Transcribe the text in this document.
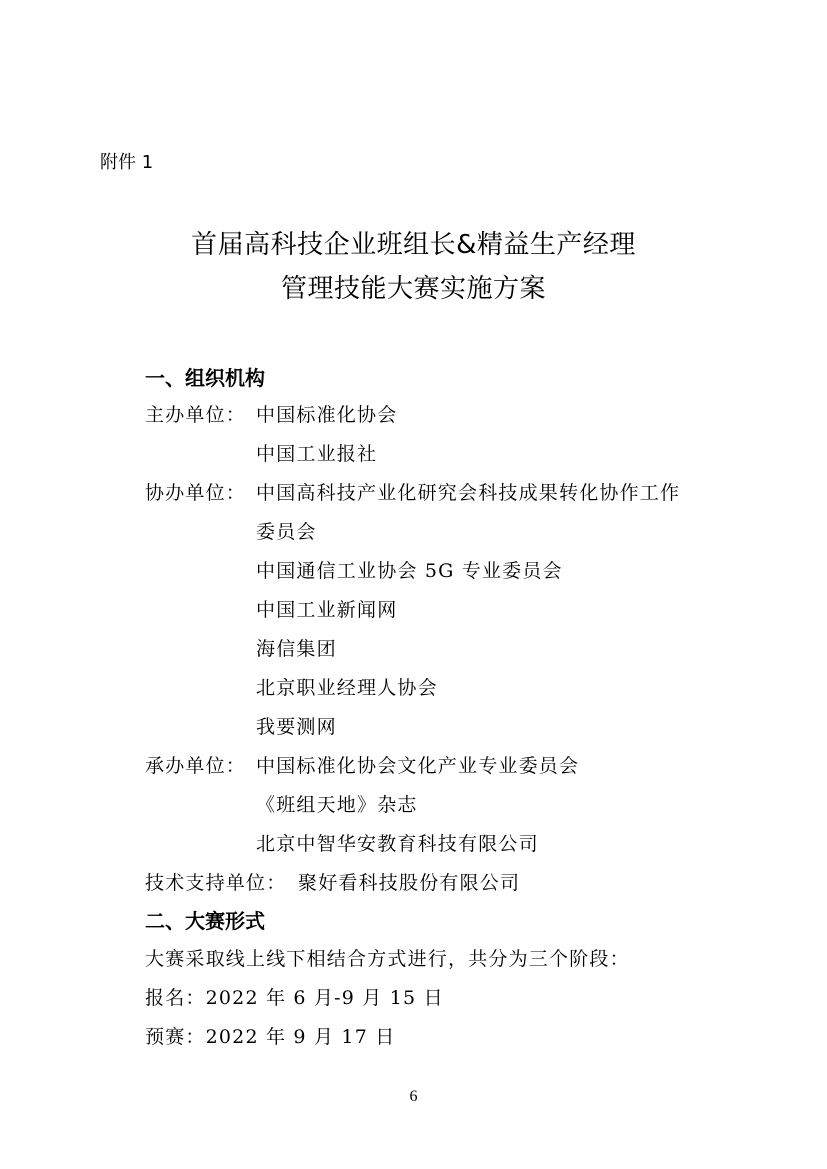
附件 1
首届高科技企业班组长&精益生产经理
管理技能大赛实施方案
一、组织机构
主办单位： 中国标准化协会
中国工业报社
协办单位： 中国高科技产业化研究会科技成果转化协作工作
委员会
中国通信工业协会 5G 专业委员会
中国工业新闻网
海信集团
北京职业经理人协会
我要测网
承办单位： 中国标准化协会文化产业专业委员会
《班组天地》杂志
北京中智华安教育科技有限公司
技术支持单位： 聚好看科技股份有限公司
二、大赛形式
大赛采取线上线下相结合方式进行，共分为三个阶段：
报名：2022 年 6 月-9 月 15 日
预赛：2022 年 9 月 17 日
6
